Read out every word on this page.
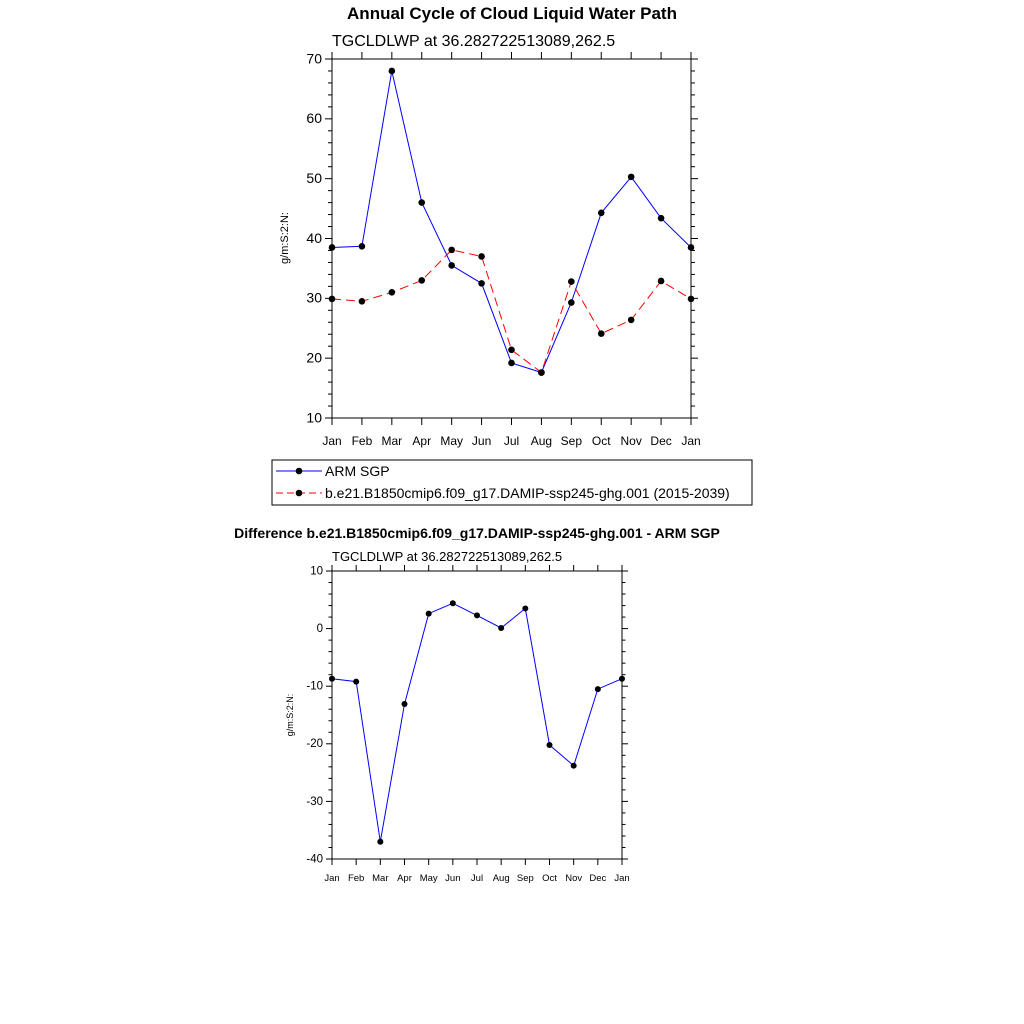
Annual Cycle of Cloud Liquid Water Path
TGCLDLWP at 36.282722513089,262.5
g/m:S:2:N:
10
20
30
40
50
60
70
Jan Feb Mar Apr May Jun Jul Aug Sep Oct Nov Dec Jan
ARM SGP
b.e21.B1850cmip6.f09_g17.DAMIP-ssp245-ghg.001 (2015-2039)
Difference b.e21.B1850cmip6.f09_g17.DAMIP-ssp245-ghg.001 - ARM SGP
TGCLDLWP at 36.282722513089,262.5
g/m:S:2:N:
-40
-30
-20
-10
0
10
Jan Feb Mar Apr May Jun Jul Aug Sep Oct Nov Dec Jan
